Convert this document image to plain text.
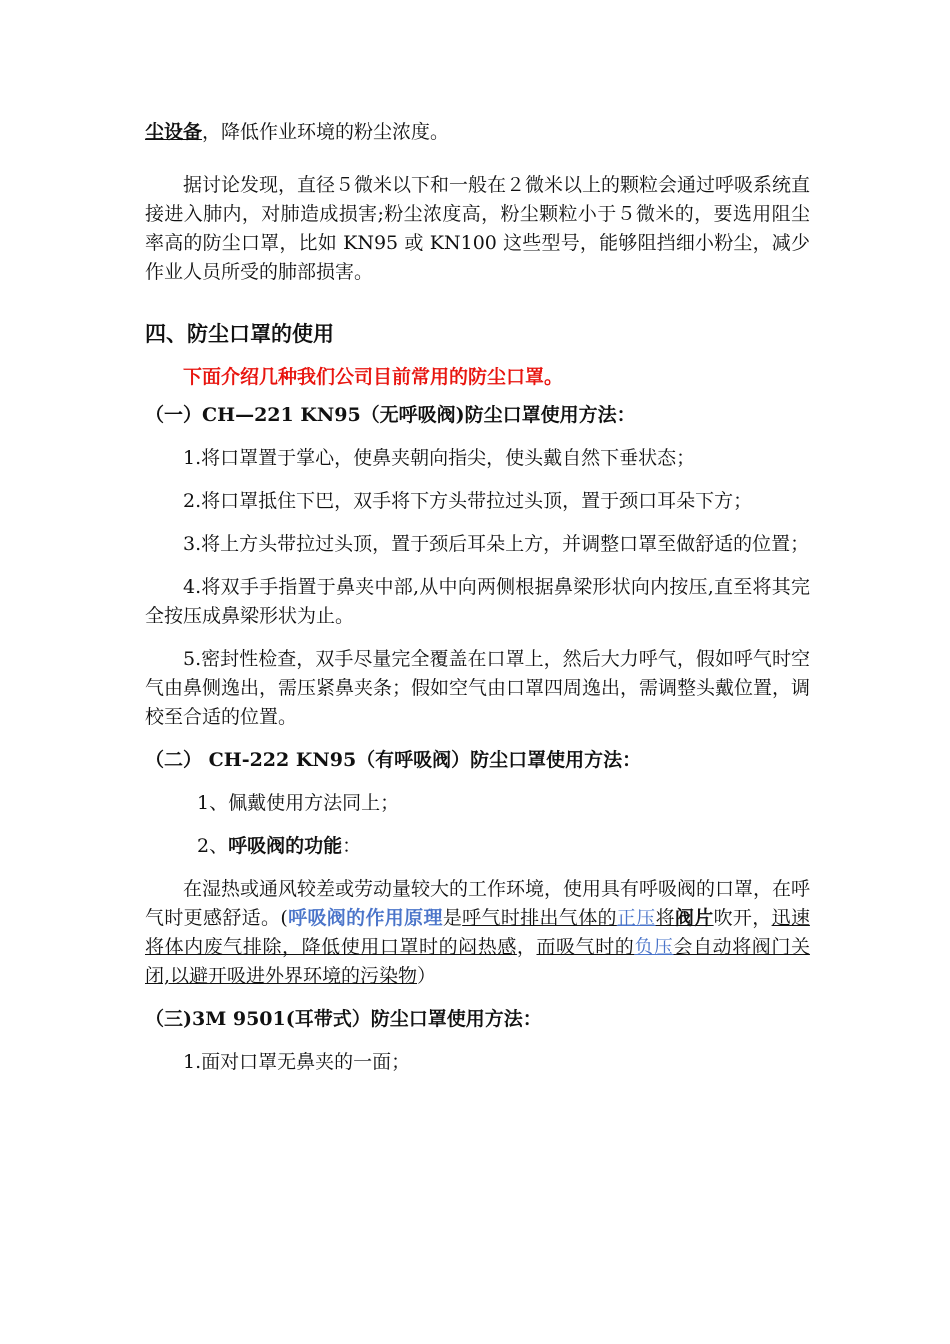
尘设备，降低作业环境的粉尘浓度。

据讨论发现，直径５微米以下和一般在２微米以上的颗粒会通过呼吸系统直接进入肺内，对肺造成损害;粉尘浓度高，粉尘颗粒小于５微米的，要选用阻尘率高的防尘口罩，比如 KN95 或 KN100 这些型号，能够阻挡细小粉尘，减少作业人员所受的肺部损害。

四、防尘口罩的使用

下面介绍几种我们公司目前常用的防尘口罩。

（一）CH—221 KN95（无呼吸阀)防尘口罩使用方法：

1.将口罩置于掌心，使鼻夹朝向指尖，使头戴自然下垂状态；

2.将口罩抵住下巴，双手将下方头带拉过头顶，置于颈口耳朵下方；

3.将上方头带拉过头顶，置于颈后耳朵上方，并调整口罩至做舒适的位置；

4.将双手手指置于鼻夹中部,从中向两侧根据鼻梁形状向内按压,直至将其完全按压成鼻梁形状为止。

5.密封性检查，双手尽量完全覆盖在口罩上，然后大力呼气，假如呼气时空气由鼻侧逸出，需压紧鼻夹条；假如空气由口罩四周逸出，需调整头戴位置，调校至合适的位置。

（二） CH-222 KN95（有呼吸阀）防尘口罩使用方法：

1、佩戴使用方法同上；

2、呼吸阀的功能：

在湿热或通风较差或劳动量较大的工作环境，使用具有呼吸阀的口罩，在呼气时更感舒适。(呼吸阀的作用原理是呼气时排出气体的正压将阀片吹开，迅速将体内废气排除，降低使用口罩时的闷热感，而吸气时的负压会自动将阀门关闭,以避开吸进外界环境的污染物）

（三)3M 9501(耳带式）防尘口罩使用方法：

1.面对口罩无鼻夹的一面；
